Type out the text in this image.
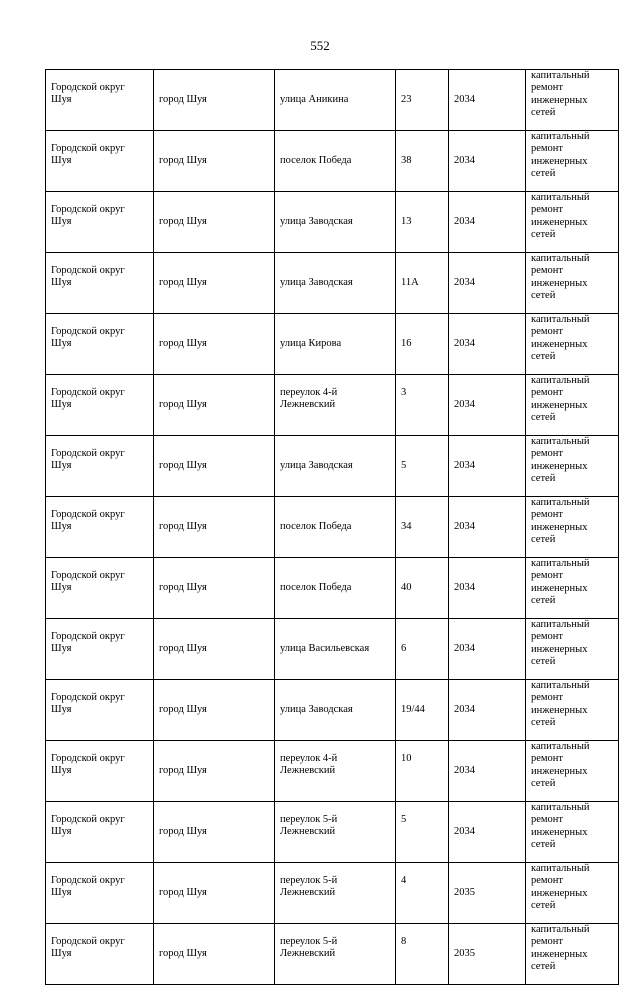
552
Городской округ
Шуя	город Шуя	улица Аникина	23	2034	капитальный
ремонт
инженерных
сетей

Городской округ
Шуя	город Шуя	поселок Победа	38	2034	капитальный
ремонт
инженерных
сетей

Городской округ
Шуя	город Шуя	улица Заводская	13	2034	капитальный
ремонт
инженерных
сетей

Городской округ
Шуя	город Шуя	улица Заводская	11А	2034	капитальный
ремонт
инженерных
сетей

Городской округ
Шуя	город Шуя	улица Кирова	16	2034	капитальный
ремонт
инженерных
сетей

Городской округ
Шуя	город Шуя	переулок 4-й
Лежневский	3	2034	капитальный
ремонт
инженерных
сетей

Городской округ
Шуя	город Шуя	улица Заводская	5	2034	капитальный
ремонт
инженерных
сетей

Городской округ
Шуя	город Шуя	поселок Победа	34	2034	капитальный
ремонт
инженерных
сетей

Городской округ
Шуя	город Шуя	поселок Победа	40	2034	капитальный
ремонт
инженерных
сетей

Городской округ
Шуя	город Шуя	улица Васильевская	6	2034	капитальный
ремонт
инженерных
сетей

Городской округ
Шуя	город Шуя	улица Заводская	19/44	2034	капитальный
ремонт
инженерных
сетей

Городской округ
Шуя	город Шуя	переулок 4-й
Лежневский	10	2034	капитальный
ремонт
инженерных
сетей

Городской округ
Шуя	город Шуя	переулок 5-й
Лежневский	5	2034	капитальный
ремонт
инженерных
сетей

Городской округ
Шуя	город Шуя	переулок 5-й
Лежневский	4	2035	капитальный
ремонт
инженерных
сетей

Городской округ
Шуя	город Шуя	переулок 5-й
Лежневский	8	2035	капитальный
ремонт
инженерных
сетей
